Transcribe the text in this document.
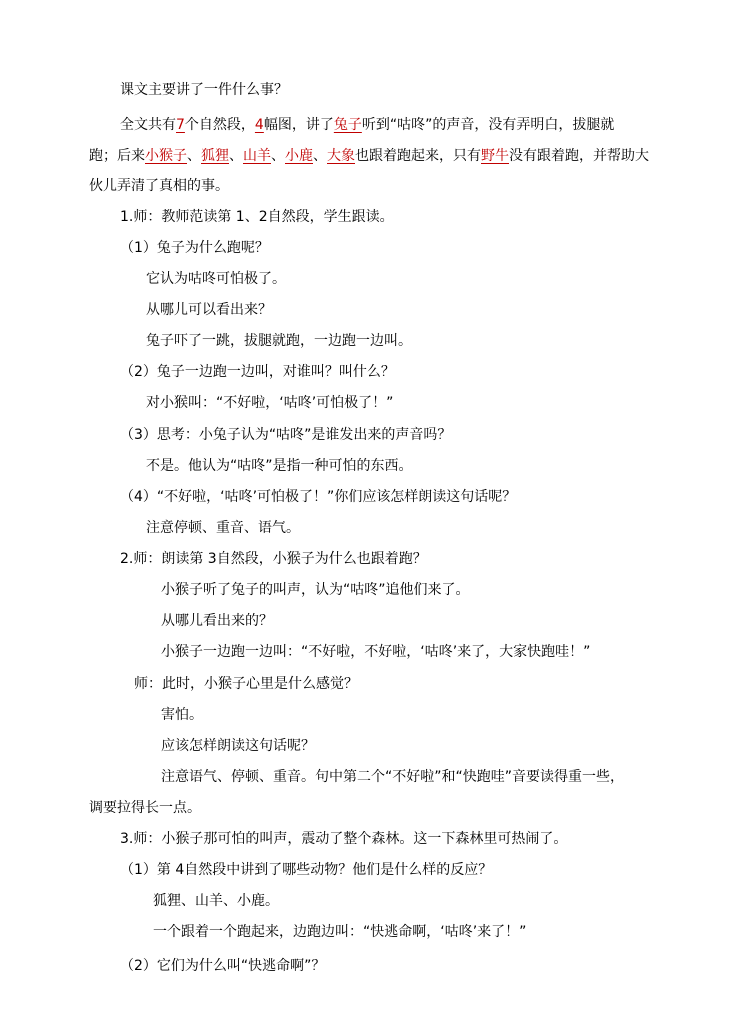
课文主要讲了一件什么事？
全文共有7个自然段，4幅图，讲了兔子听到“咕咚”的声音，没有弄明白，拔腿就
跑；后来小猴子、狐狸、山羊、小鹿、大象也跟着跑起来，只有野牛没有跟着跑，并帮助大
伙儿弄清了真相的事。
1.师：教师范读第 1、2自然段，学生跟读。
（1）兔子为什么跑呢？
它认为咕咚可怕极了。
从哪儿可以看出来？
兔子吓了一跳，拔腿就跑，一边跑一边叫。
（2）兔子一边跑一边叫，对谁叫？叫什么？
对小猴叫：“不好啦，‘咕咚’可怕极了！”
（3）思考：小兔子认为“咕咚”是谁发出来的声音吗？
不是。他认为“咕咚”是指一种可怕的东西。
（4）“不好啦，‘咕咚’可怕极了！”你们应该怎样朗读这句话呢？
注意停顿、重音、语气。
2.师：朗读第 3自然段，小猴子为什么也跟着跑？
小猴子听了兔子的叫声，认为“咕咚”追他们来了。
从哪儿看出来的？
小猴子一边跑一边叫：“不好啦，不好啦，‘咕咚’来了，大家快跑哇！”
师：此时，小猴子心里是什么感觉？
害怕。
应该怎样朗读这句话呢？
注意语气、停顿、重音。句中第二个“不好啦”和“快跑哇”音要读得重一些，
调要拉得长一点。
3.师：小猴子那可怕的叫声，震动了整个森林。这一下森林里可热闹了。
（1）第 4自然段中讲到了哪些动物？他们是什么样的反应？
狐狸、山羊、小鹿。
一个跟着一个跑起来，边跑边叫：“快逃命啊，‘咕咚’来了！”
（2）它们为什么叫“快逃命啊”？
